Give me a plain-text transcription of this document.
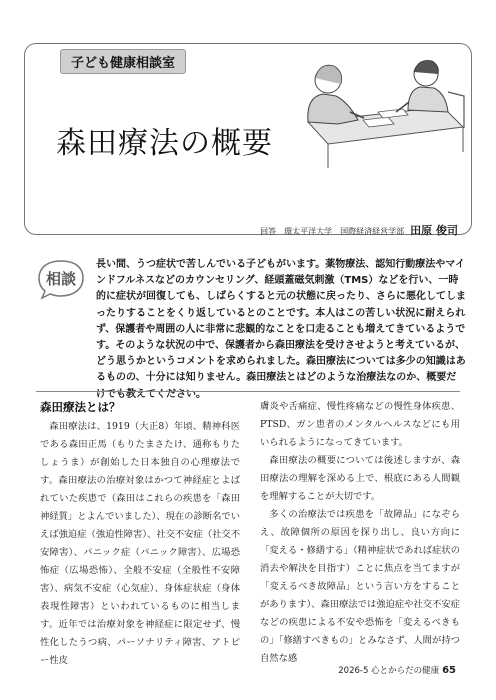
子ども健康相談室
森田療法の概要
回答　環太平洋大学　国際経済経営学部 田原 俊司
相談

長い間、うつ症状で苦しんでいる子どもがいます。薬物療法、認知行動療法やマインドフルネスなどのカウンセリング、経頭蓋磁気刺激（TMS）などを行い、一時的に症状が回復しても、しばらくすると元の状態に戻ったり、さらに悪化してしまったりすることをくり返しているとのことです。本人はこの苦しい状況に耐えられず、保護者や周囲の人に非常に悲観的なことを口走ることも増えてきているようです。そのような状況の中で、保護者から森田療法を受けさせようと考えているが、どう思うかというコメントを求められました。森田療法については多少の知識はあるものの、十分には知りません。森田療法とはどのような治療法なのか、概要だけでも教えてください。

森田療法とは？

森田療法は、1919（大正8）年頃、精神科医である森田正馬（もりたまさたけ、通称もりたしょうま）が創始した日本独自の心理療法です。森田療法の治療対象はかつて神経症とよばれていた疾患で（森田はこれらの疾患を「森田神経質」とよんでいました）、現在の診断名でいえば強迫症（強迫性障害）、社交不安症（社交不安障害）、パニック症（パニック障害）、広場恐怖症（広場恐怖）、全般不安症（全般性不安障害）、病気不安症（心気症）、身体症状症（身体表現性障害）といわれているものに相当します。近年では治療対象を神経症に限定せず、慢性化したうつ病、パーソナリティ障害、アトピー性皮

膚炎や舌痛症、慢性疼痛などの慢性身体疾患、PTSD、ガン患者のメンタルヘルスなどにも用いられるようになってきています。

森田療法の概要については後述しますが、森田療法の理解を深める上で、根底にある人間観を理解することが大切です。

多くの治療法では疾患を「故障品」になぞらえ、故障個所の原因を探り出し、良い方向に「変える・修繕する」（精神症状であれば症状の消去や解決を目指す）ことに焦点を当てますが「変えるべき故障品」という言い方をすることがあります）、森田療法では強迫症や社交不安症などの疾患による不安や恐怖を「変えるべきもの」「修繕すべきもの」とみなさず、人間が持つ自然な感

2026-5 心とからだの健康 65
